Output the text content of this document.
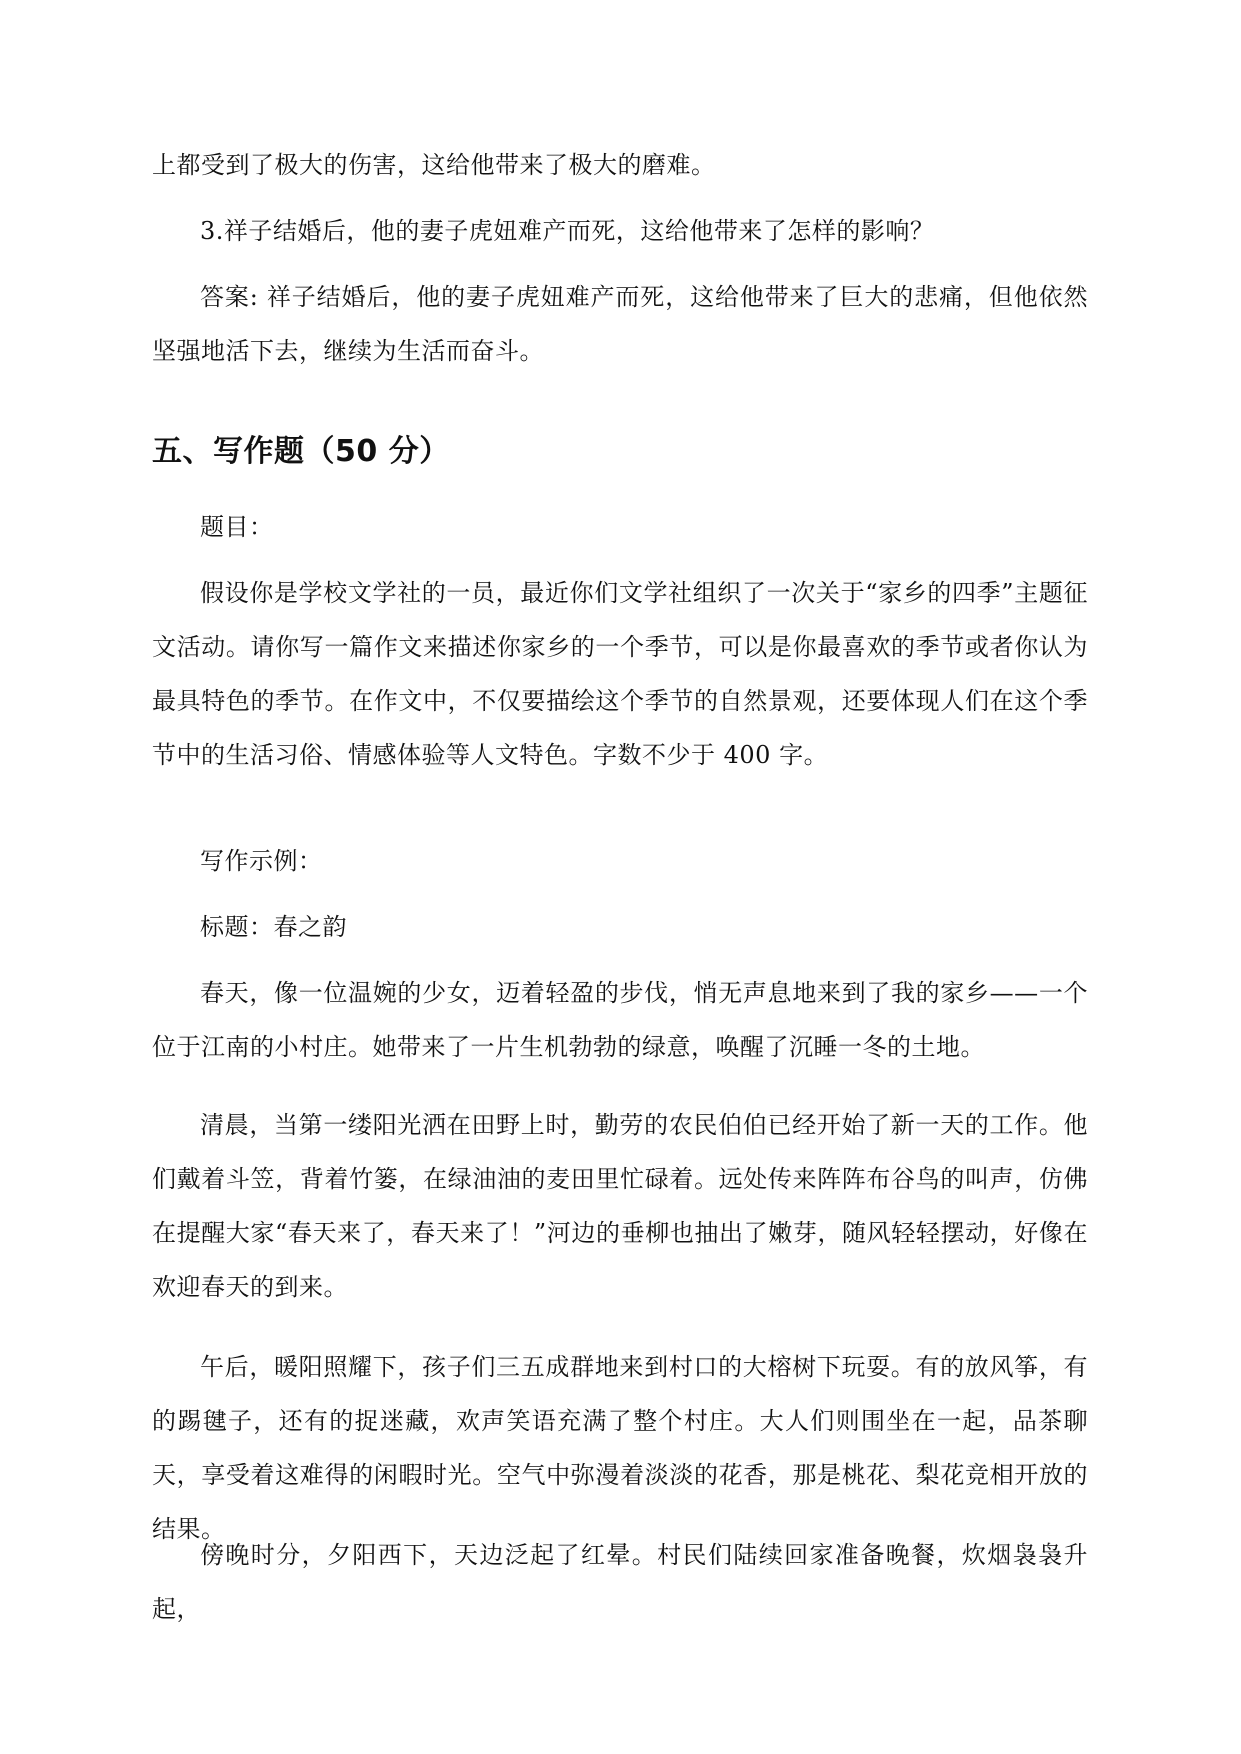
上都受到了极大的伤害，这给他带来了极大的磨难。

3.祥子结婚后，他的妻子虎妞难产而死，这给他带来了怎样的影响？

答案: 祥子结婚后，他的妻子虎妞难产而死，这给他带来了巨大的悲痛，但他依然坚强地活下去，继续为生活而奋斗。

五、写作题（50 分）

题目：

假设你是学校文学社的一员，最近你们文学社组织了一次关于“家乡的四季”主题征文活动。请你写一篇作文来描述你家乡的一个季节，可以是你最喜欢的季节或者你认为最具特色的季节。在作文中，不仅要描绘这个季节的自然景观，还要体现人们在这个季节中的生活习俗、情感体验等人文特色。字数不少于 400 字。

写作示例：

标题：春之韵

春天，像一位温婉的少女，迈着轻盈的步伐，悄无声息地来到了我的家乡——一个位于江南的小村庄。她带来了一片生机勃勃的绿意，唤醒了沉睡一冬的土地。

清晨，当第一缕阳光洒在田野上时，勤劳的农民伯伯已经开始了新一天的工作。他们戴着斗笠，背着竹篓，在绿油油的麦田里忙碌着。远处传来阵阵布谷鸟的叫声，仿佛在提醒大家“春天来了，春天来了！”河边的垂柳也抽出了嫩芽，随风轻轻摆动，好像在欢迎春天的到来。

午后，暖阳照耀下，孩子们三五成群地来到村口的大榕树下玩耍。有的放风筝，有的踢毽子，还有的捉迷藏，欢声笑语充满了整个村庄。大人们则围坐在一起，品茶聊天，享受着这难得的闲暇时光。空气中弥漫着淡淡的花香，那是桃花、梨花竞相开放的结果。

傍晚时分，夕阳西下，天边泛起了红晕。村民们陆续回家准备晚餐，炊烟袅袅升起，
